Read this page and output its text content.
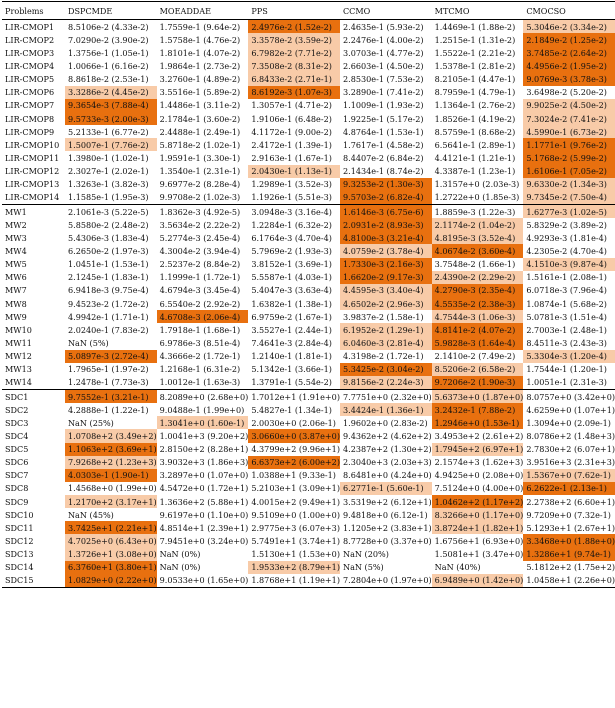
Problems	DSPCMDE	MOEADDAE	PPS	CCMO	MTCMO	CMOCSO
LIR-CMOP1	8.5106e-2 (4.33e-2)	1.7559e-1 (9.64e-2)	2.4976e-2 (1.52e-2)	2.4635e-1 (5.93e-2)	1.4469e-1 (1.88e-2)	5.3046e-2 (3.34e-2)
LIR-CMOP2	7.0290e-2 (3.90e-2)	1.5758e-1 (4.76e-2)	3.3578e-2 (3.59e-2)	2.2476e-1 (4.00e-2)	1.2515e-1 (1.31e-2)	2.1849e-2 (1.25e-2)
LIR-CMOP3	1.3756e-1 (1.05e-1)	1.8101e-1 (4.07e-2)	6.7982e-2 (7.71e-2)	3.0703e-1 (4.77e-2)	1.5522e-1 (2.21e-2)	3.7485e-2 (2.64e-2)
LIR-CMOP4	1.0066e-1 (6.16e-2)	1.9864e-1 (2.73e-2)	7.3508e-2 (8.31e-2)	2.6603e-1 (4.50e-2)	1.5378e-1 (2.81e-2)	4.4956e-2 (1.95e-2)
LIR-CMOP5	8.8618e-2 (2.53e-1)	3.2760e-1 (4.89e-2)	6.8433e-2 (2.71e-1)	2.8530e-1 (7.53e-2)	8.2105e-1 (4.47e-1)	9.0769e-3 (3.78e-3)
LIR-CMOP6	3.3286e-2 (4.45e-2)	3.5516e-1 (5.89e-2)	8.6192e-3 (1.07e-3)	3.2890e-1 (7.41e-2)	8.7959e-1 (4.79e-1)	3.6498e-2 (5.20e-2)
LIR-CMOP7	9.3654e-3 (7.88e-4)	1.4486e-1 (3.11e-2)	1.3057e-1 (4.71e-2)	1.1009e-1 (1.93e-2)	1.1364e-1 (2.76e-2)	9.9025e-2 (4.50e-2)
LIR-CMOP8	9.5733e-3 (2.00e-3)	2.1784e-1 (3.60e-2)	1.9106e-1 (6.48e-2)	1.9225e-1 (5.17e-2)	1.8526e-1 (4.19e-2)	7.3024e-2 (7.41e-2)
LIR-CMOP9	5.2133e-1 (6.77e-2)	2.4488e-1 (2.49e-1)	4.1172e-1 (9.00e-2)	4.8764e-1 (1.53e-1)	8.5759e-1 (8.68e-2)	4.5990e-1 (6.73e-2)
LIR-CMOP10	1.5007e-1 (7.76e-2)	5.8718e-2 (1.02e-1)	2.4172e-1 (1.39e-1)	1.7617e-1 (4.58e-2)	6.5641e-1 (2.89e-1)	1.1771e-1 (9.76e-2)
LIR-CMOP11	1.3980e-1 (1.02e-1)	1.9591e-1 (3.30e-1)	2.9163e-1 (1.67e-1)	8.4407e-2 (6.84e-2)	4.4121e-1 (1.21e-1)	5.1768e-2 (5.99e-2)
LIR-CMOP12	2.3027e-1 (2.02e-1)	1.3540e-1 (2.31e-1)	2.0430e-1 (1.13e-1)	2.1434e-1 (8.74e-2)	4.3387e-1 (1.23e-1)	1.6106e-1 (7.05e-2)
LIR-CMOP13	1.3263e-1 (3.82e-3)	9.6977e-2 (8.28e-4)	1.2989e-1 (3.52e-3)	9.3253e-2 (1.30e-3)	1.3157e+0 (2.03e-3)	9.6330e-2 (1.34e-3)
LIR-CMOP14	1.1585e-1 (1.95e-3)	9.9708e-2 (1.02e-3)	1.1926e-1 (5.51e-3)	9.5703e-2 (6.82e-4)	1.2722e+0 (1.85e-3)	9.7345e-2 (7.50e-4)
MW1	2.1061e-3 (5.22e-5)	1.8362e-3 (4.92e-5)	3.0948e-3 (3.16e-4)	1.6146e-3 (6.75e-6)	1.8859e-3 (1.22e-3)	1.6277e-3 (1.02e-5)
MW2	5.8580e-2 (2.48e-2)	3.5634e-2 (2.22e-2)	1.2284e-1 (6.32e-2)	2.0931e-2 (8.93e-3)	2.1174e-2 (1.04e-2)	5.8329e-2 (3.89e-2)
MW3	5.4306e-3 (1.83e-4)	5.2774e-3 (2.45e-4)	6.1764e-3 (4.70e-4)	4.8100e-3 (3.21e-4)	4.8195e-3 (3.52e-4)	4.9293e-3 (1.81e-4)
MW4	6.2650e-2 (1.97e-3)	4.3004e-2 (3.94e-4)	5.7969e-2 (1.93e-3)	4.0759e-2 (3.78e-4)	4.0674e-2 (3.60e-4)	4.2305e-2 (4.70e-4)
MW5	1.0451e-1 (1.53e-1)	2.5237e-2 (8.84e-2)	3.8152e-1 (3.69e-1)	1.7330e-3 (2.16e-3)	3.7548e-2 (1.66e-1)	4.1510e-3 (9.87e-4)
MW6	2.1245e-1 (1.83e-1)	1.1999e-1 (1.72e-1)	5.5587e-1 (4.03e-1)	1.6620e-2 (9.17e-3)	2.4390e-2 (2.29e-2)	1.5161e-1 (2.08e-1)
MW7	6.9418e-3 (9.75e-4)	4.6794e-3 (3.45e-4)	5.4047e-3 (3.63e-4)	4.4595e-3 (3.40e-4)	4.2790e-3 (2.35e-4)	6.0718e-3 (7.96e-4)
MW8	9.4523e-2 (1.72e-2)	6.5540e-2 (2.92e-2)	1.6382e-1 (1.38e-1)	4.6502e-2 (2.96e-3)	4.5535e-2 (2.38e-3)	1.0874e-1 (5.68e-2)
MW9	4.9942e-1 (1.71e-1)	4.6708e-3 (2.06e-4)	6.9759e-2 (1.67e-1)	3.9837e-2 (1.58e-1)	4.7544e-3 (1.06e-3)	5.0781e-3 (1.51e-4)
MW10	2.0240e-1 (7.83e-2)	1.7918e-1 (1.68e-1)	3.5527e-1 (2.44e-1)	6.1952e-2 (1.29e-1)	4.8141e-2 (4.07e-2)	2.7003e-1 (2.48e-1)
MW11	NaN (5%)	6.9786e-3 (8.51e-4)	7.4641e-3 (2.84e-4)	6.0460e-3 (2.81e-4)	5.9828e-3 (1.64e-4)	8.4511e-3 (2.43e-3)
MW12	5.0897e-3 (2.72e-4)	4.3666e-2 (1.72e-1)	1.2140e-1 (1.81e-1)	4.3198e-2 (1.72e-1)	2.1410e-2 (7.49e-2)	5.3304e-3 (1.20e-4)
MW13	1.7965e-1 (1.97e-2)	1.2168e-1 (6.31e-2)	5.1342e-1 (3.66e-1)	5.3425e-2 (3.04e-2)	8.5206e-2 (6.58e-2)	1.7544e-1 (1.20e-1)
MW14	1.2478e-1 (7.73e-3)	1.0012e-1 (1.63e-3)	1.3791e-1 (5.54e-2)	9.8156e-2 (2.24e-3)	9.7206e-2 (1.90e-3)	1.0051e-1 (2.31e-3)
SDC1	9.7552e-1 (3.21e-1)	8.2089e+0 (2.68e+0)	1.7012e+1 (1.91e+0)	7.7751e+0 (2.32e+0)	5.6373e+0 (1.87e+0)	8.0757e+0 (3.42e+0)
SDC2	4.2888e-1 (1.22e-1)	9.0488e-1 (1.99e+0)	5.4827e-1 (1.34e-1)	3.4424e-1 (1.36e-1)	3.2432e-1 (7.88e-2)	4.6259e+0 (1.07e+1)
SDC3	NaN (25%)	1.3041e+0 (1.60e-1)	2.0030e+0 (2.06e-1)	1.9602e+0 (2.83e-2)	1.2946e+0 (1.53e-1)	1.3094e+0 (2.09e-1)
SDC4	1.0708e+2 (3.49e+2)	1.0041e+3 (9.20e+2)	3.0660e+0 (3.87e+0)	9.4362e+2 (4.62e+2)	3.4953e+2 (2.61e+2)	8.0786e+2 (1.48e+3)
SDC5	1.1063e+2 (3.69e+1)	2.8150e+2 (8.28e+1)	4.3799e+2 (9.96e+1)	4.2387e+2 (1.30e+2)	1.7945e+2 (6.97e+1)	2.7830e+2 (6.07e+1)
SDC6	7.9268e+2 (1.23e+3)	3.9032e+3 (1.86e+3)	6.6373e+2 (6.00e+2)	2.3040e+3 (2.03e+3)	2.1574e+3 (1.62e+3)	3.9516e+3 (2.31e+3)
SDC7	4.0303e-1 (1.90e-1)	3.2897e+0 (1.07e+0)	1.0388e+1 (9.33e-1)	8.6481e+0 (4.24e+0)	4.9425e+0 (2.08e+0)	1.5367e+0 (7.62e-1)
SDC8	1.4568e+0 (1.99e+0)	4.5472e+0 (1.72e+1)	5.2103e+1 (3.09e+1)	6.2771e-1 (5.60e-1)	7.5124e+0 (4.00e+0)	6.2622e-1 (2.13e-1)
SDC9	1.2170e+2 (3.17e+1)	1.3636e+2 (5.88e+1)	4.0015e+2 (9.49e+1)	3.5319e+2 (6.12e+1)	1.0462e+2 (1.17e+2)	2.2738e+2 (6.60e+1)
SDC10	NaN (45%)	9.6197e+0 (1.10e+0)	9.5109e+0 (1.00e+0)	9.4818e+0 (6.12e-1)	8.3266e+0 (1.17e+0)	9.7209e+0 (7.32e-1)
SDC11	3.7425e+1 (2.21e+1)	4.8514e+1 (2.39e+1)	2.9775e+3 (6.07e+3)	1.1205e+2 (3.83e+1)	3.8724e+1 (1.82e+1)	5.1293e+1 (2.67e+1)
SDC12	4.7025e+0 (6.43e+0)	7.9451e+0 (3.24e+0)	5.7491e+1 (3.74e+1)	8.7728e+0 (3.37e+0)	1.6756e+1 (6.93e+0)	3.3468e+0 (1.88e+0)
SDC13	1.3726e+1 (3.08e+0)	NaN (0%)	1.5130e+1 (1.53e+0)	NaN (20%)	1.5081e+1 (3.47e+0)	1.3286e+1 (9.74e-1)
SDC14	6.3760e+1 (3.80e+1)	NaN (0%)	1.9533e+2 (8.79e+1)	NaN (5%)	NaN (40%)	5.1812e+2 (1.75e+2)
SDC15	1.0829e+0 (2.22e+0)	9.0533e+0 (1.65e+0)	1.8768e+1 (1.19e+1)	7.2804e+0 (1.97e+0)	6.9489e+0 (1.42e+0)	1.0458e+1 (2.26e+0)
